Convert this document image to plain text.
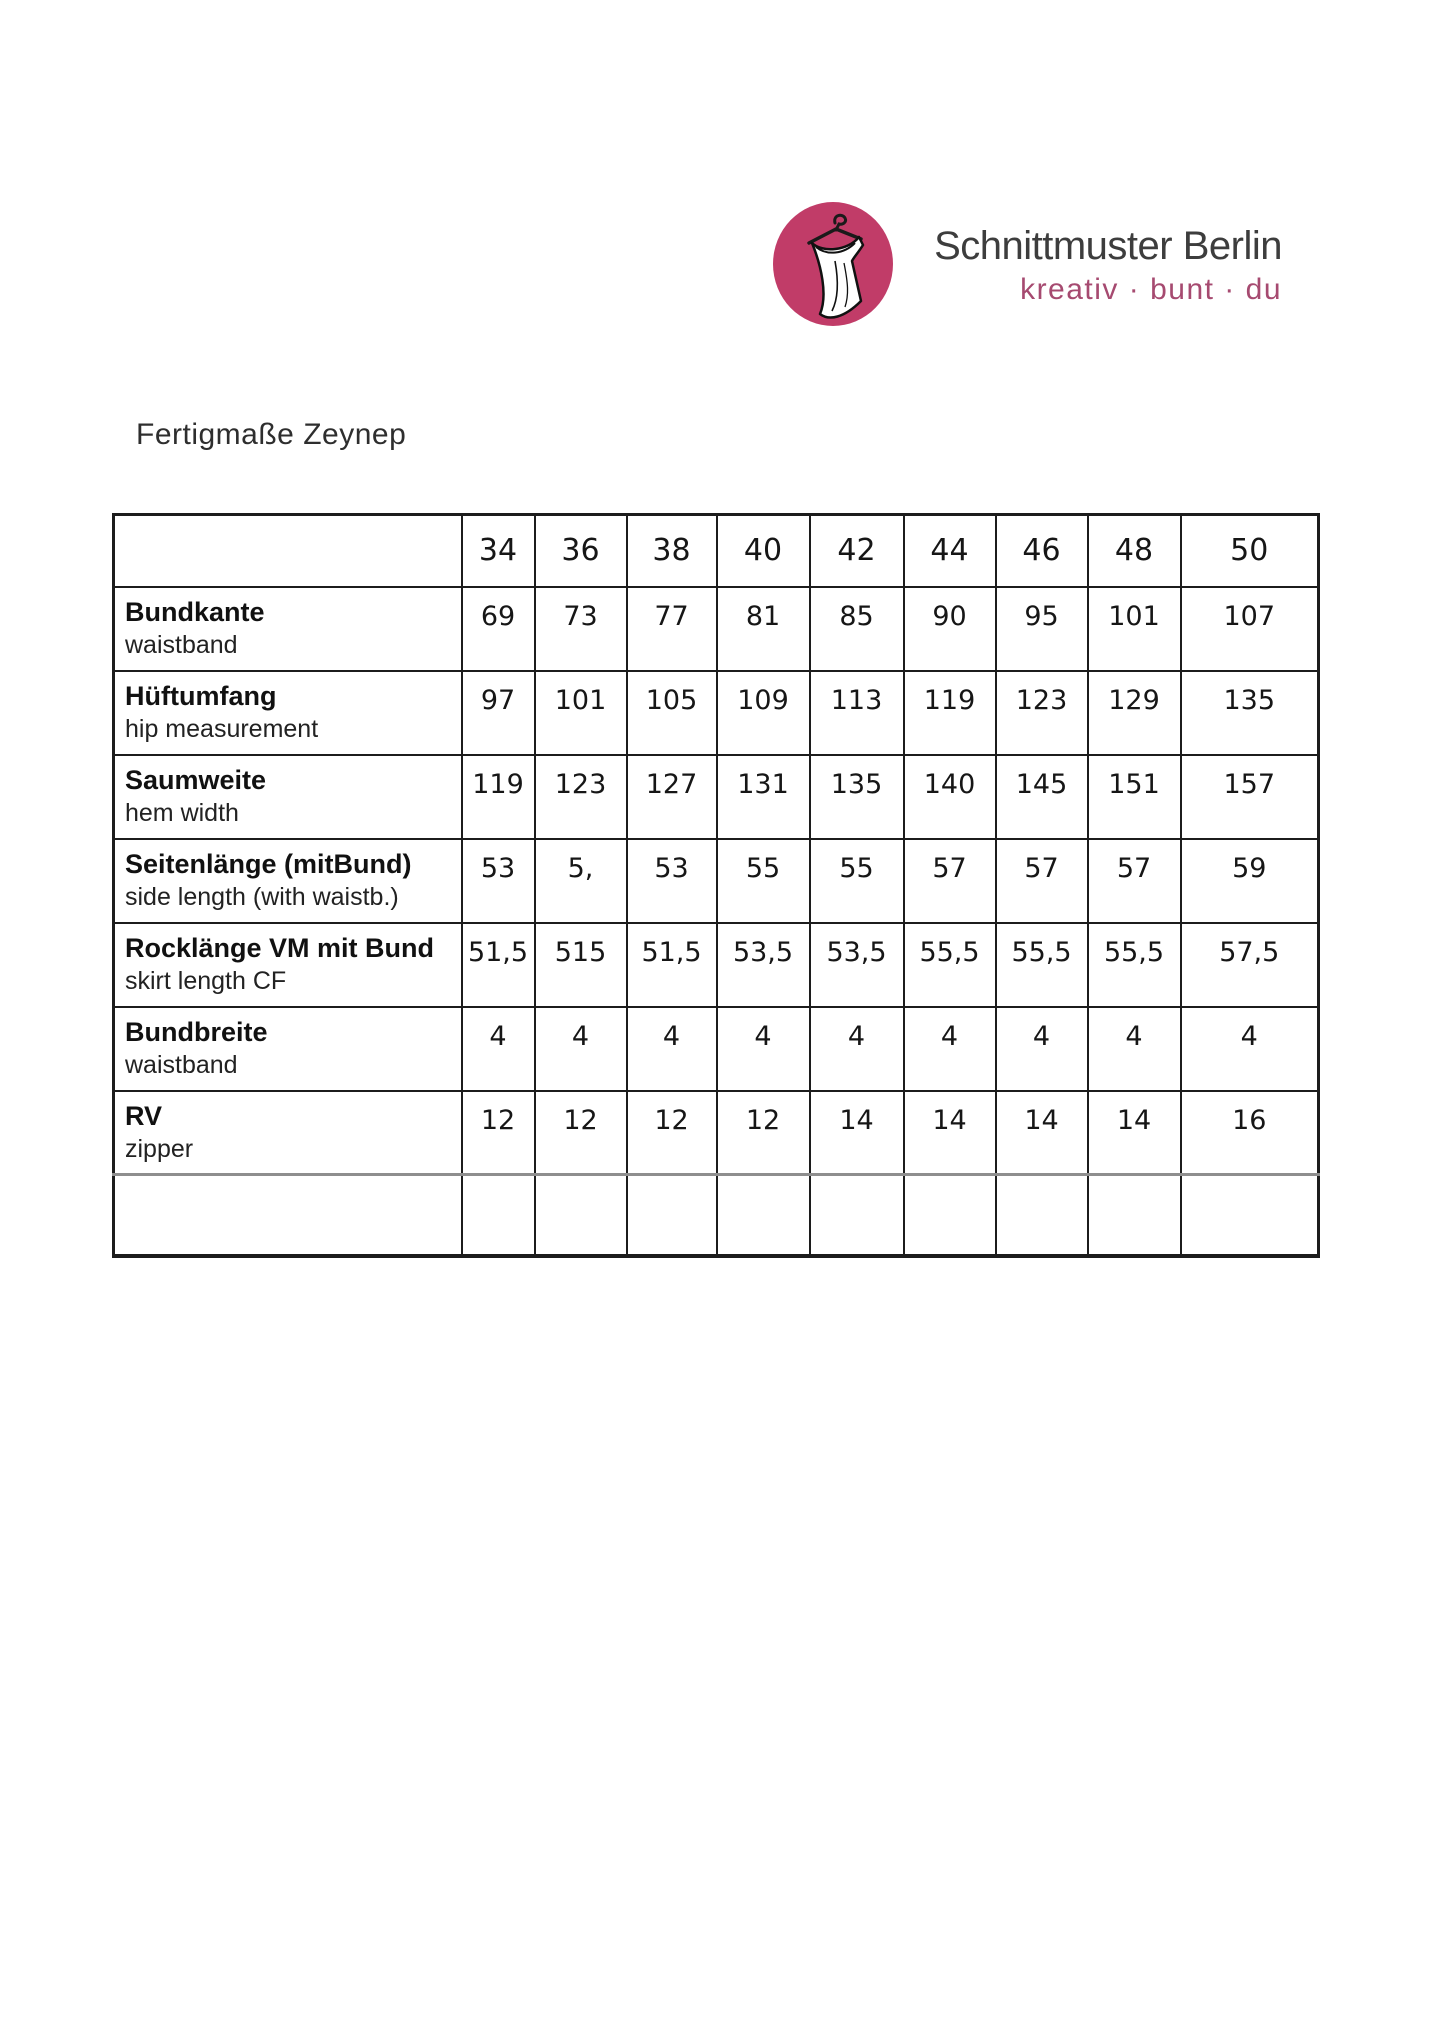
Schnittmuster Berlin
kreativ · bunt · du
Fertigmaße Zeynep
	34	36	38	40	42	44	46	48	50

Bundkante
waistband	69	73	77	81	85	90	95	101	107

Hüftumfang
hip measurement	97	101	105	109	113	119	123	129	135

Saumweite
hem width	119	123	127	131	135	140	145	151	157

Seitenlänge (mitBund)
side length (with waistb.)	53	5,	53	55	55	57	57	57	59

Rocklänge VM mit Bund
skirt length CF	51,5	515	51,5	53,5	53,5	55,5	55,5	55,5	57,5

Bundbreite
waistband	4	4	4	4	4	4	4	4	4

RV
zipper	12	12	12	12	14	14	14	14	16
